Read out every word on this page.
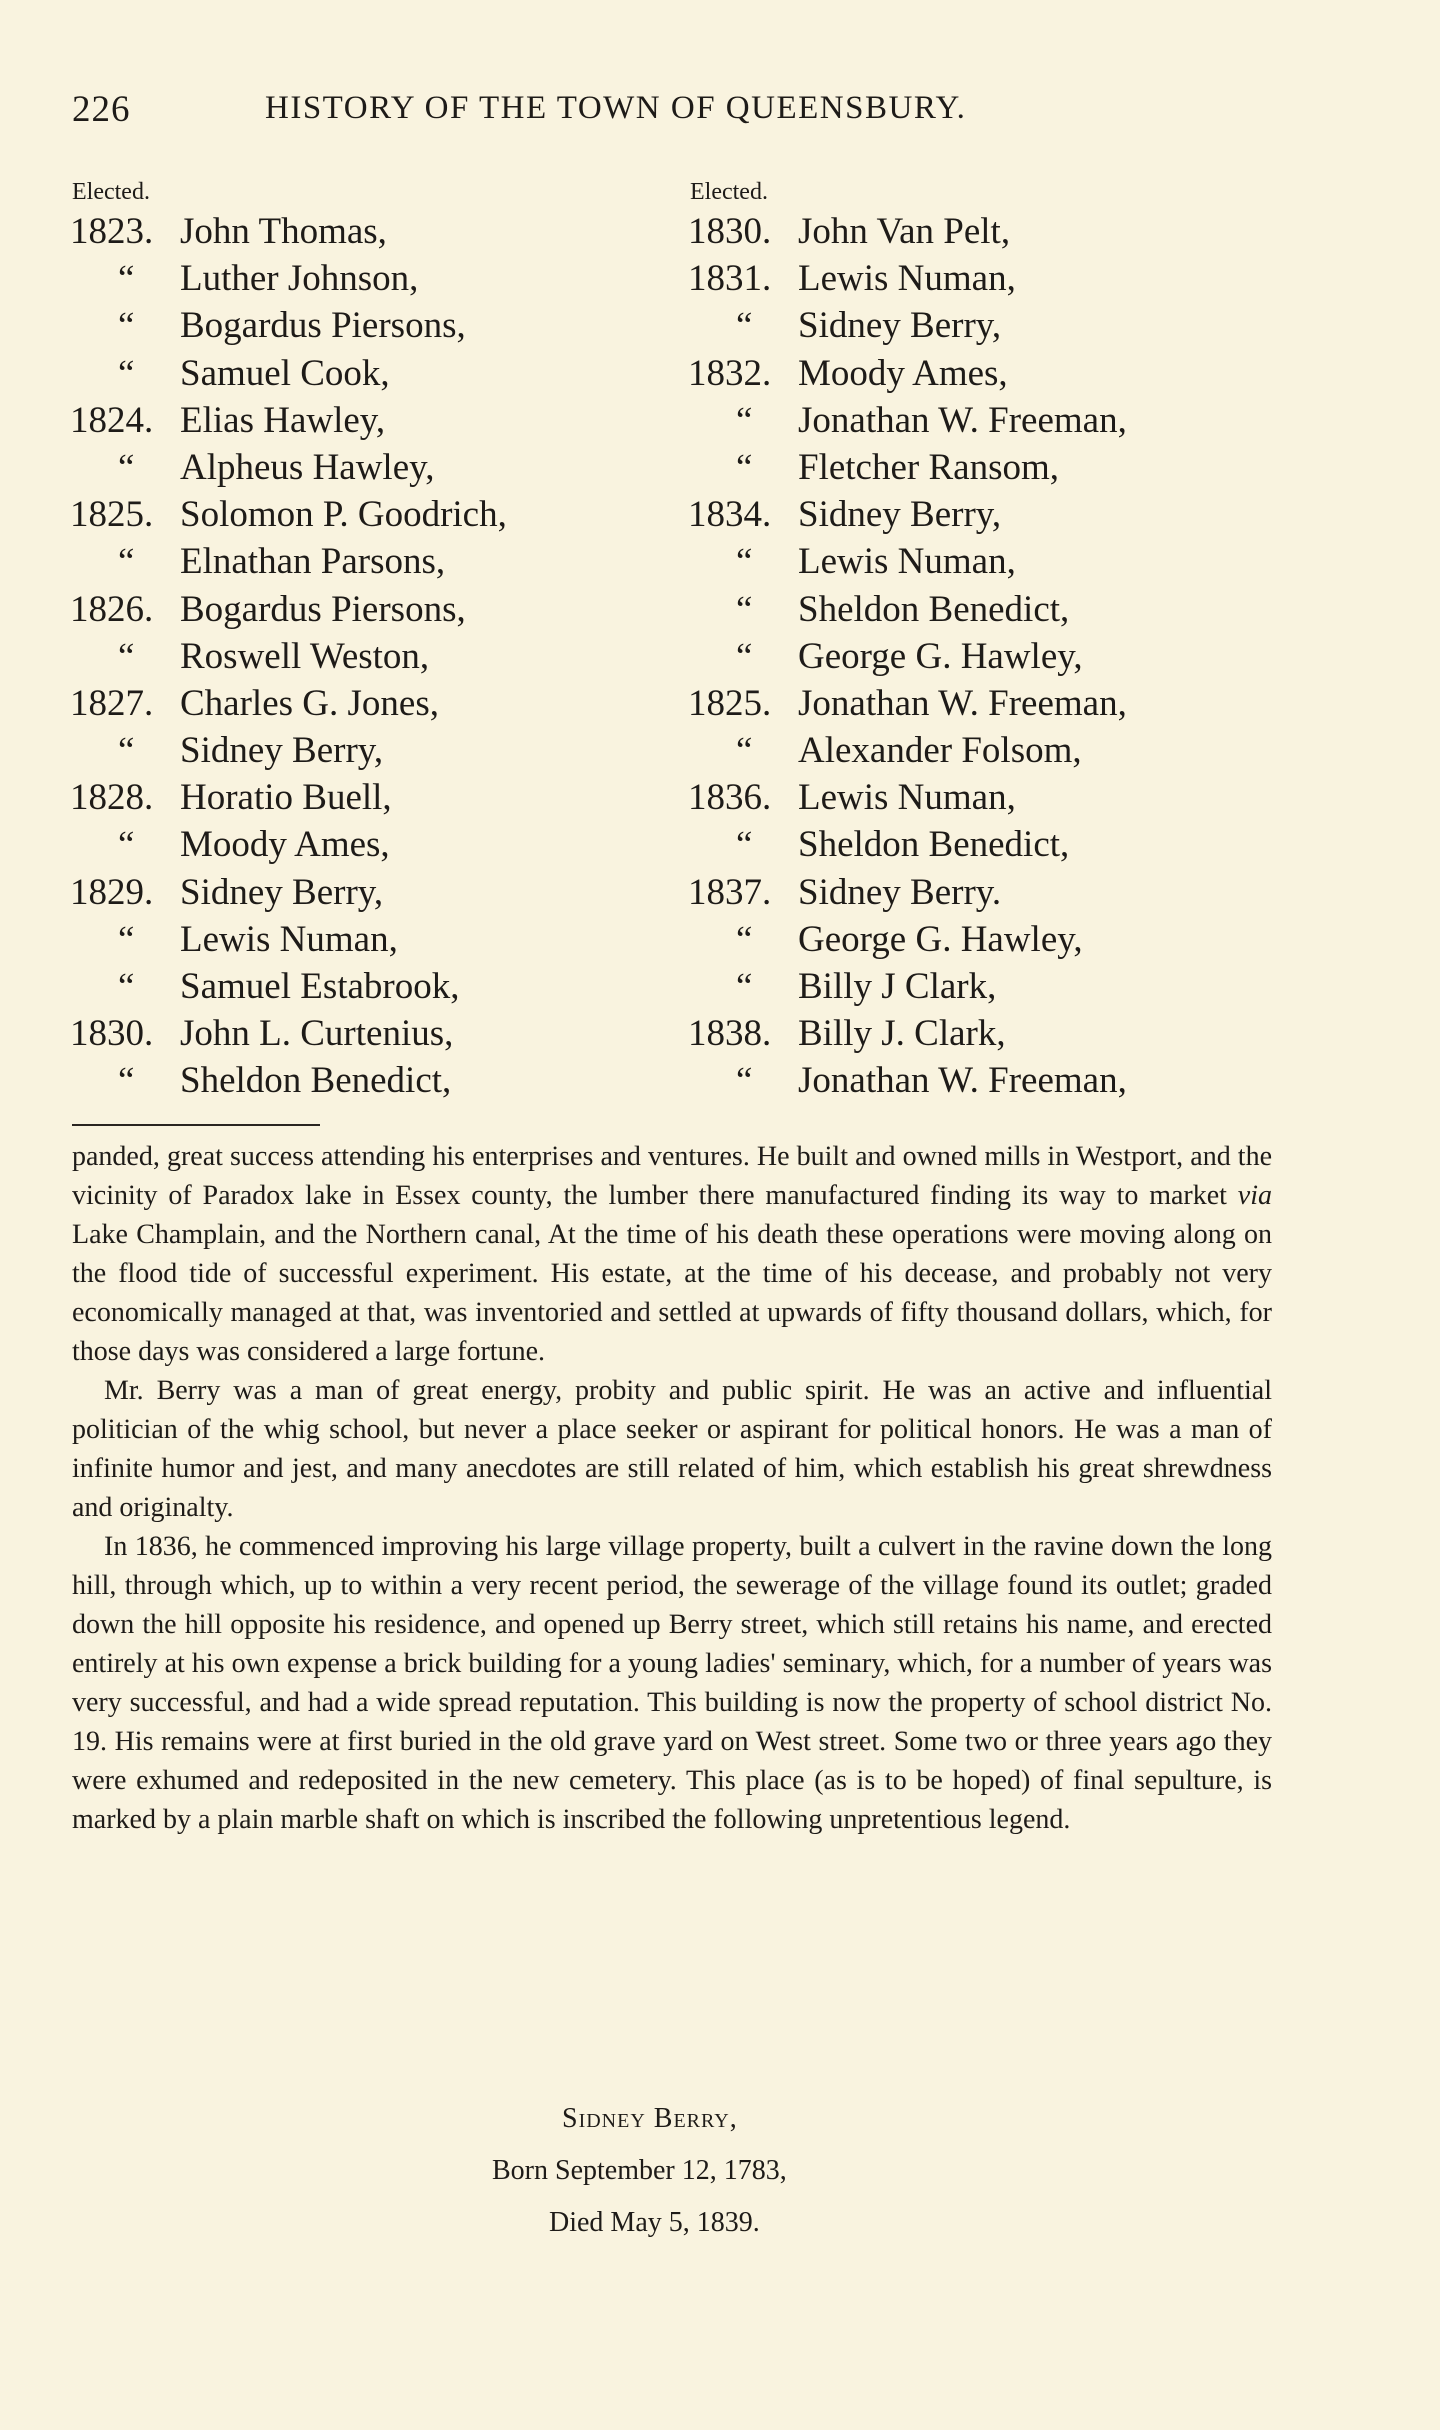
226	HISTORY OF THE TOWN OF QUEENSBURY.
Elected.
1823. John Thomas,
“ Luther Johnson,
“ Bogardus Piersons,
“ Samuel Cook,
1824. Elias Hawley,
“ Alpheus Hawley,
1825. Solomon P. Goodrich,
“ Elnathan Parsons,
1826. Bogardus Piersons,
“ Roswell Weston,
1827. Charles G. Jones,
“ Sidney Berry,
1828. Horatio Buell,
“ Moody Ames,
1829. Sidney Berry,
“ Lewis Numan,
“ Samuel Estabrook,
1830. John L. Curtenius,
“ Sheldon Benedict,
Elected.
1830. John Van Pelt,
1831. Lewis Numan,
“ Sidney Berry,
1832. Moody Ames,
“ Jonathan W. Freeman,
“ Fletcher Ransom,
1834. Sidney Berry,
“ Lewis Numan,
“ Sheldon Benedict,
“ George G. Hawley,
1825. Jonathan W. Freeman,
“ Alexander Folsom,
1836. Lewis Numan,
“ Sheldon Benedict,
1837. Sidney Berry.
“ George G. Hawley,
“ Billy J Clark,
1838. Billy J. Clark,
“ Jonathan W. Freeman,

panded, great success attending his enterprises and ventures. He built and owned mills in Westport, and the vicinity of Paradox lake in Essex county, the lumber there manufactured finding its way to market via Lake Champlain, and the Northern canal, At the time of his death these operations were moving along on the flood tide of successful experiment. His estate, at the time of his decease, and probably not very economically managed at that, was inventoried and settled at upwards of fifty thousand dollars, which, for those days was considered a large fortune.

Mr. Berry was a man of great energy, probity and public spirit. He was an active and influential politician of the whig school, but never a place seeker or aspirant for political honors. He was a man of infinite humor and jest, and many anecdotes are still related of him, which establish his great shrewdness and originalty.

In 1836, he commenced improving his large village property, built a culvert in the ravine down the long hill, through which, up to within a very recent period, the sewerage of the village found its outlet; graded down the hill opposite his residence, and opened up Berry street, which still retains his name, and erected entirely at his own expense a brick building for a young ladies' seminary, which, for a number of years was very successful, and had a wide spread reputation. This building is now the property of school district No. 19. His remains were at first buried in the old grave yard on West street. Some two or three years ago they were exhumed and redeposited in the new cemetery. This place (as is to be hoped) of final sepulture, is marked by a plain marble shaft on which is inscribed the following unpretentious legend.

Sidney Berry,
Born September 12, 1783,
Died May 5, 1839.
